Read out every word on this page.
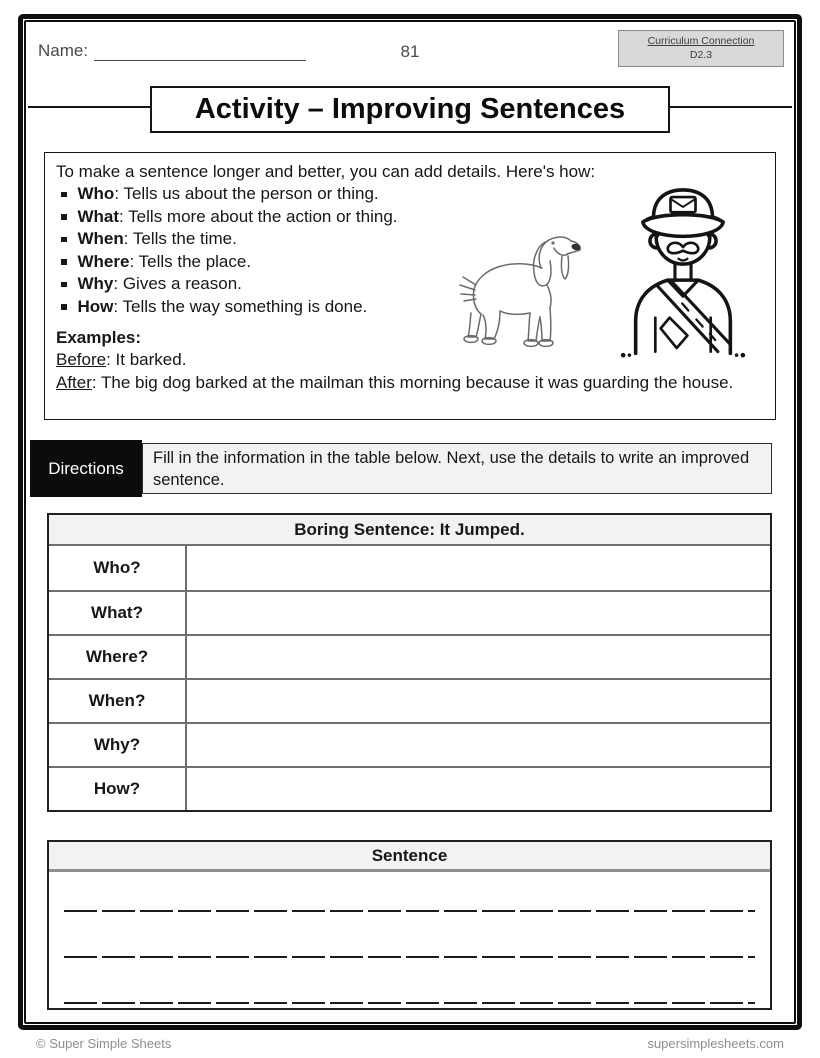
Name:	81
Curriculum Connection
D2.3
Activity – Improving Sentences
To make a sentence longer and better, you can add details. Here's how:
Who: Tells us about the person or thing.
What: Tells more about the action or thing.
When: Tells the time.
Where: Tells the place.
Why: Gives a reason.
How: Tells the way something is done.
Examples:
Before: It barked.
After: The big dog barked at the mailman this morning because it was guarding the house.
Directions
Fill in the information in the table below. Next, use the details to write an improved sentence.
Boring Sentence: It Jumped.
Who?
What?
Where?
When?
Why?
How?
Sentence
© Super Simple Sheets	supersimplesheets.com
